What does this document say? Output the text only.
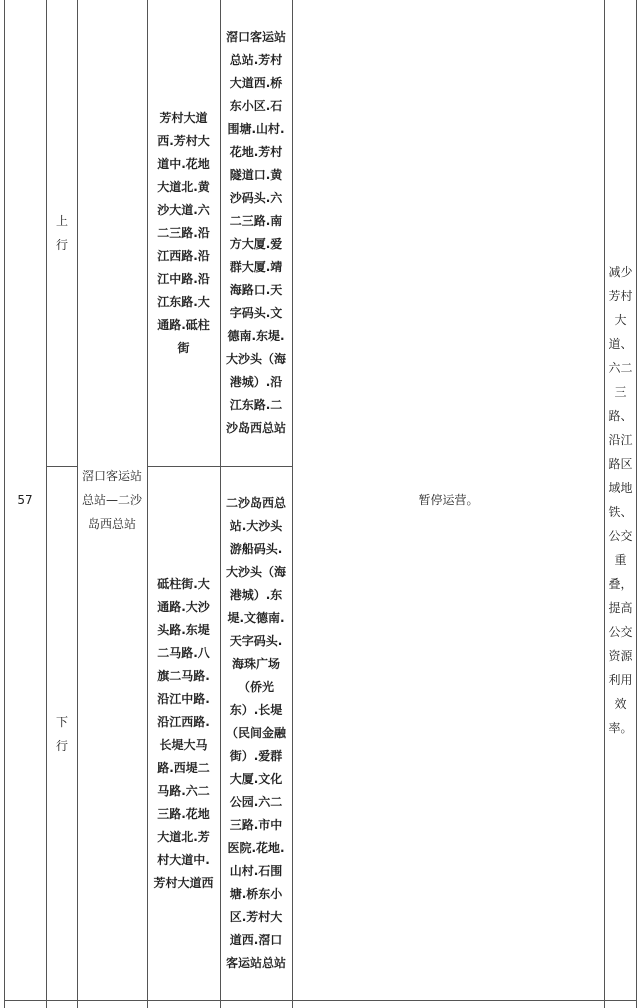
57
上行
下行
滘口客运站总站—二沙岛西总站
芳村大道西.芳村大道中.花地大道北.黄沙大道.六二三路.沿江西路.沿江中路.沿江东路.大通路.砥柱街
砥柱街.大通路.大沙头路.东堤二马路.八旗二马路.沿江中路.沿江西路.长堤大马路.西堤二马路.六二三路.花地大道北.芳村大道中.芳村大道西
滘口客运站总站.芳村大道西.桥东小区.石围塘.山村.花地.芳村隧道口.黄沙码头.六二三路.南方大厦.爱群大厦.靖海路口.天字码头.文德南.东堤.大沙头（海港城）.沿江东路.二沙岛西总站
二沙岛西总站.大沙头游船码头.大沙头（海港城）.东堤.文德南.天字码头.海珠广场（侨光东）.长堤（民间金融街）.爱群大厦.文化公园.六二三路.市中医院.花地.山村.石围塘.桥东小区.芳村大道西.滘口客运站总站
暂停运营。
减少芳村大道、六二三路、沿江路区域地铁、公交重叠，提高公交资源利用效率。
